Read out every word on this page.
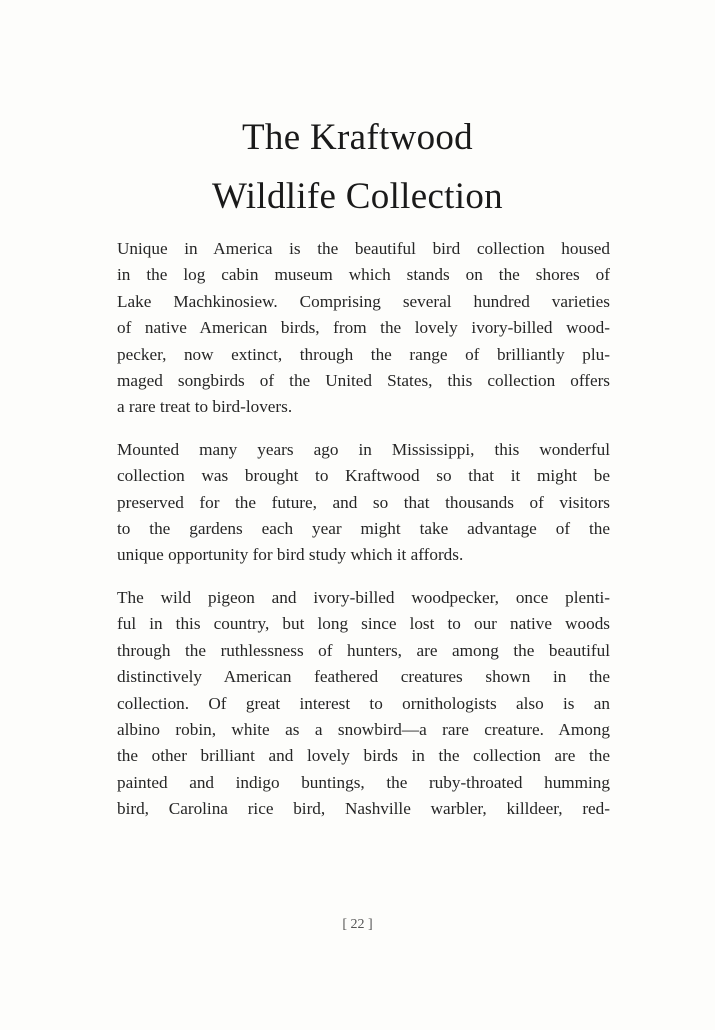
The Kraftwood
Wildlife Collection

Unique in America is the beautiful bird collection housed
in the log cabin museum which stands on the shores of
Lake Machkinosiew. Comprising several hundred varieties
of native American birds, from the lovely ivory-billed wood-
pecker, now extinct, through the range of brilliantly plu-
maged songbirds of the United States, this collection offers
a rare treat to bird-lovers.

Mounted many years ago in Mississippi, this wonderful
collection was brought to Kraftwood so that it might be
preserved for the future, and so that thousands of visitors
to the gardens each year might take advantage of the
unique opportunity for bird study which it affords.

The wild pigeon and ivory-billed woodpecker, once plenti-
ful in this country, but long since lost to our native woods
through the ruthlessness of hunters, are among the beautiful
distinctively American feathered creatures shown in the
collection. Of great interest to ornithologists also is an
albino robin, white as a snowbird—a rare creature. Among
the other brilliant and lovely birds in the collection are the
painted and indigo buntings, the ruby-throated humming
bird, Carolina rice bird, Nashville warbler, killdeer, red-

[ 22 ]
